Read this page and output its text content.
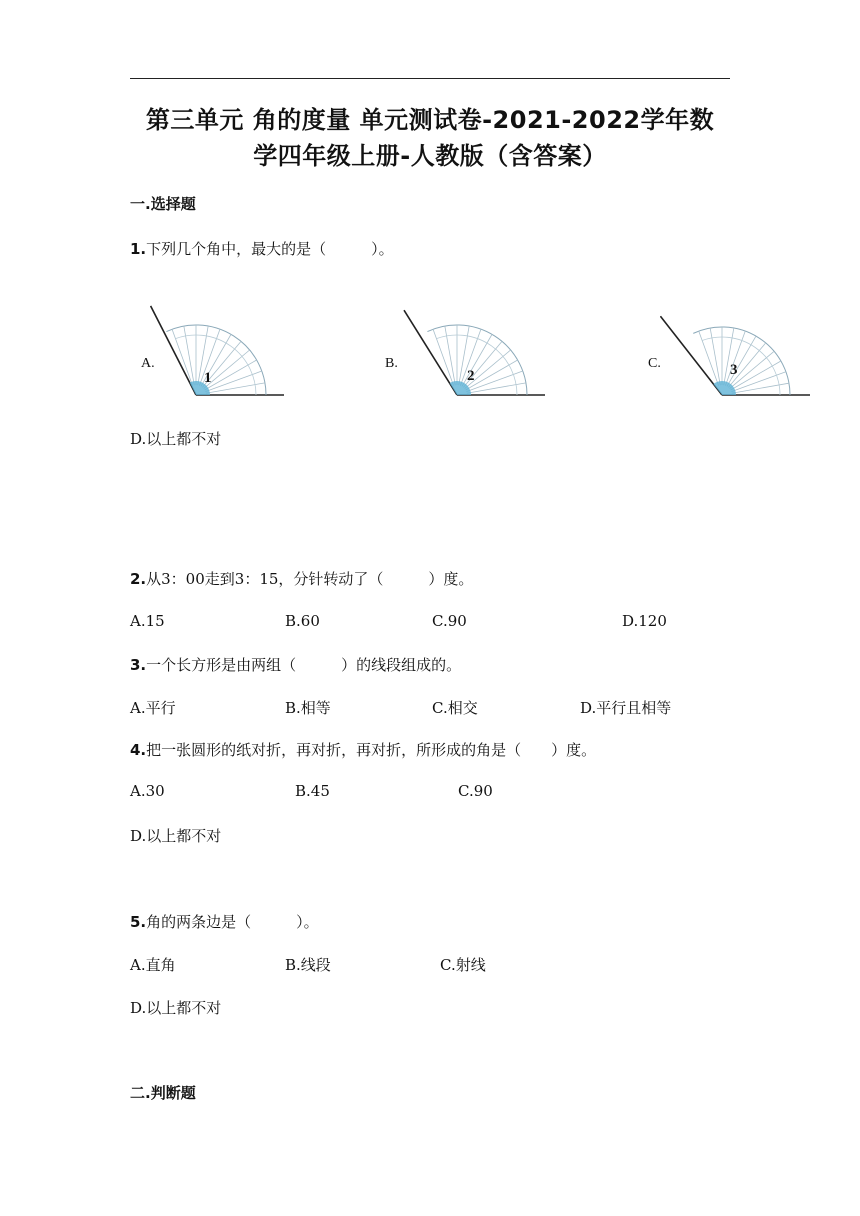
第三单元 角的度量 单元测试卷-2021-2022学年数
学四年级上册-人教版（含答案）
一.选择题
1.下列几个角中，最大的是（　　　）。
A.
1
B.
2
C.	3
D.以上都不对
2.从3：00走到3：15，分针转动了（　　　）度。
A.15	B.60	C.90	D.120
3.一个长方形是由两组（　　　）的线段组成的。
A.平行	B.相等	C.相交	D.平行且相等
4.把一张圆形的纸对折，再对折，再对折，所形成的角是（　　）度。
A.30	B.45	C.90
D.以上都不对
5.角的两条边是（　　　）。
A.直角	B.线段	C.射线
D.以上都不对
二.判断题
